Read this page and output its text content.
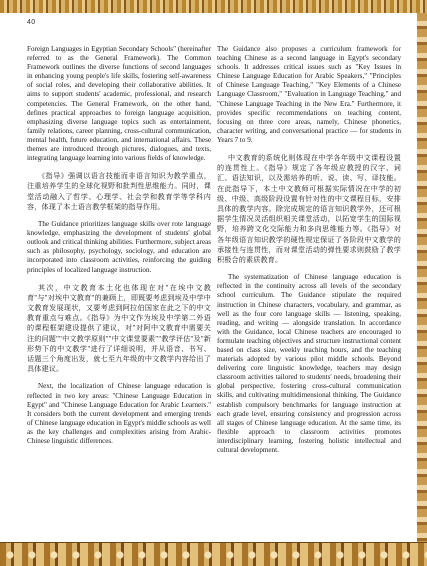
40

Foreign Languages in Egyptian Secondary Schools" (hereinafter referred to as the General Framework). The Common Framework outlines the diverse functions of second languages in enhancing young people's life skills, fostering self-awareness of social roles, and developing their collaborative abilities. It aims to support students' academic, professional, and research competencies. The General Framework, on the other hand, defines practical approaches to foreign language acquisition, emphasizing diverse language topics such as entertainment, family relations, career planning, cross-cultural communication, mental health, future education, and international affairs. These themes are introduced through pictures, dialogues, and texts, integrating language learning into various fields of knowledge.

《指导》强调以语言技能而非语言知识为教学重点，注重培养学生的全球化视野和批判性思维能力。同时，课堂活动融入了哲学、心理学、社会学和教育学等学科内容，体现了本土语言教学框架的指导作用。

The Guidance prioritizes language skills over rote language knowledge, emphasizing the development of students' global outlook and critical thinking abilities. Furthermore, subject areas such as philosophy, psychology, sociology, and education are incorporated into classroom activities, reinforcing the guiding principles of localized language instruction.

其次，中文教育本土化也体现在对"在埃中文教育"与"对埃中文教育"的兼顾上，即既要考虑到埃及中学中文教育发展现状，又要考虑到阿拉伯国家在此之下的中文教育重点与难点。《指导》为中文作为埃及中学第二外语的课程框架建设提供了建议，对"对阿中文教育中需要关注的问题""中文教学原则""中文课堂要素""教学评估"及"新形势下的中文教学"进行了详细说明，并从语音、书写、话题三个角度出发，就七至九年级的中文教学内容给出了具体建议。

Next, the localization of Chinese language education is reflected in two key areas: "Chinese Language Education in Egypt" and "Chinese Language Education for Arabic Learners." It considers both the current development and emerging trends of Chinese language education in Egypt's middle schools as well as the key challenges and complexities arising from Arabic-Chinese linguistic differences.

The Guidance also proposes a curriculum framework for teaching Chinese as a second language in Egypt's secondary schools. It addresses critical issues such as "Key Issues in Chinese Language Education for Arabic Speakers," "Principles of Chinese Language Teaching," "Key Elements of a Chinese Language Classroom," "Evaluation in Language Teaching," and "Chinese Language Teaching in the New Era." Furthermore, it provides specific recommendations on teaching content, focusing on three core areas, namely, Chinese phonetics, character writing, and conversational practice — for students in Years 7 to 9.

中文教育的系统化则体现在中学各年级中文课程设置的连贯性上。《指导》规定了各年级应教授的汉字、词汇、语法知识，以及需培养的听、说、读、写、译技能。在此指导下，本土中文教师可根据实际情况在中学的初级、中级、高级阶段设置有针对性的中文课程目标，安排具体的教学内容。除完成规定的语言知识教学外，还可根据学生情况灵活组织相关课堂活动，以拓宽学生的国际视野，培养跨文化交际能力和多向思维能力等。《指导》对各年级语言知识教学的硬性规定保证了各阶段中文教学的承接性与连贯性，而对课堂活动的弹性要求则鼓励了教学积极合的素质教育。

The systematization of Chinese language education is reflected in the continuity across all levels of the secondary school curriculum. The Guidance stipulate the required instruction in Chinese characters, vocabulary, and grammar, as well as the four core language skills — listening, speaking, reading, and writing — alongside translation. In accordance with the Guidance, local Chinese teachers are encouraged to formulate teaching objectives and structure instructional content based on class size, weekly teaching hours, and the teaching materials adopted by various pilot middle schools. Beyond delivering core linguistic knowledge, teachers may design classroom activities tailored to students' needs, broadening their global perspective, fostering cross-cultural communication skills, and cultivating multidimensional thinking. The Guidance establish compulsory benchmarks for language instruction at each grade level, ensuring consistency and progression across all stages of Chinese language education. At the same time, its flexible approach to classroom activities promotes interdisciplinary learning, fostering holistic intellectual and cultural development.
